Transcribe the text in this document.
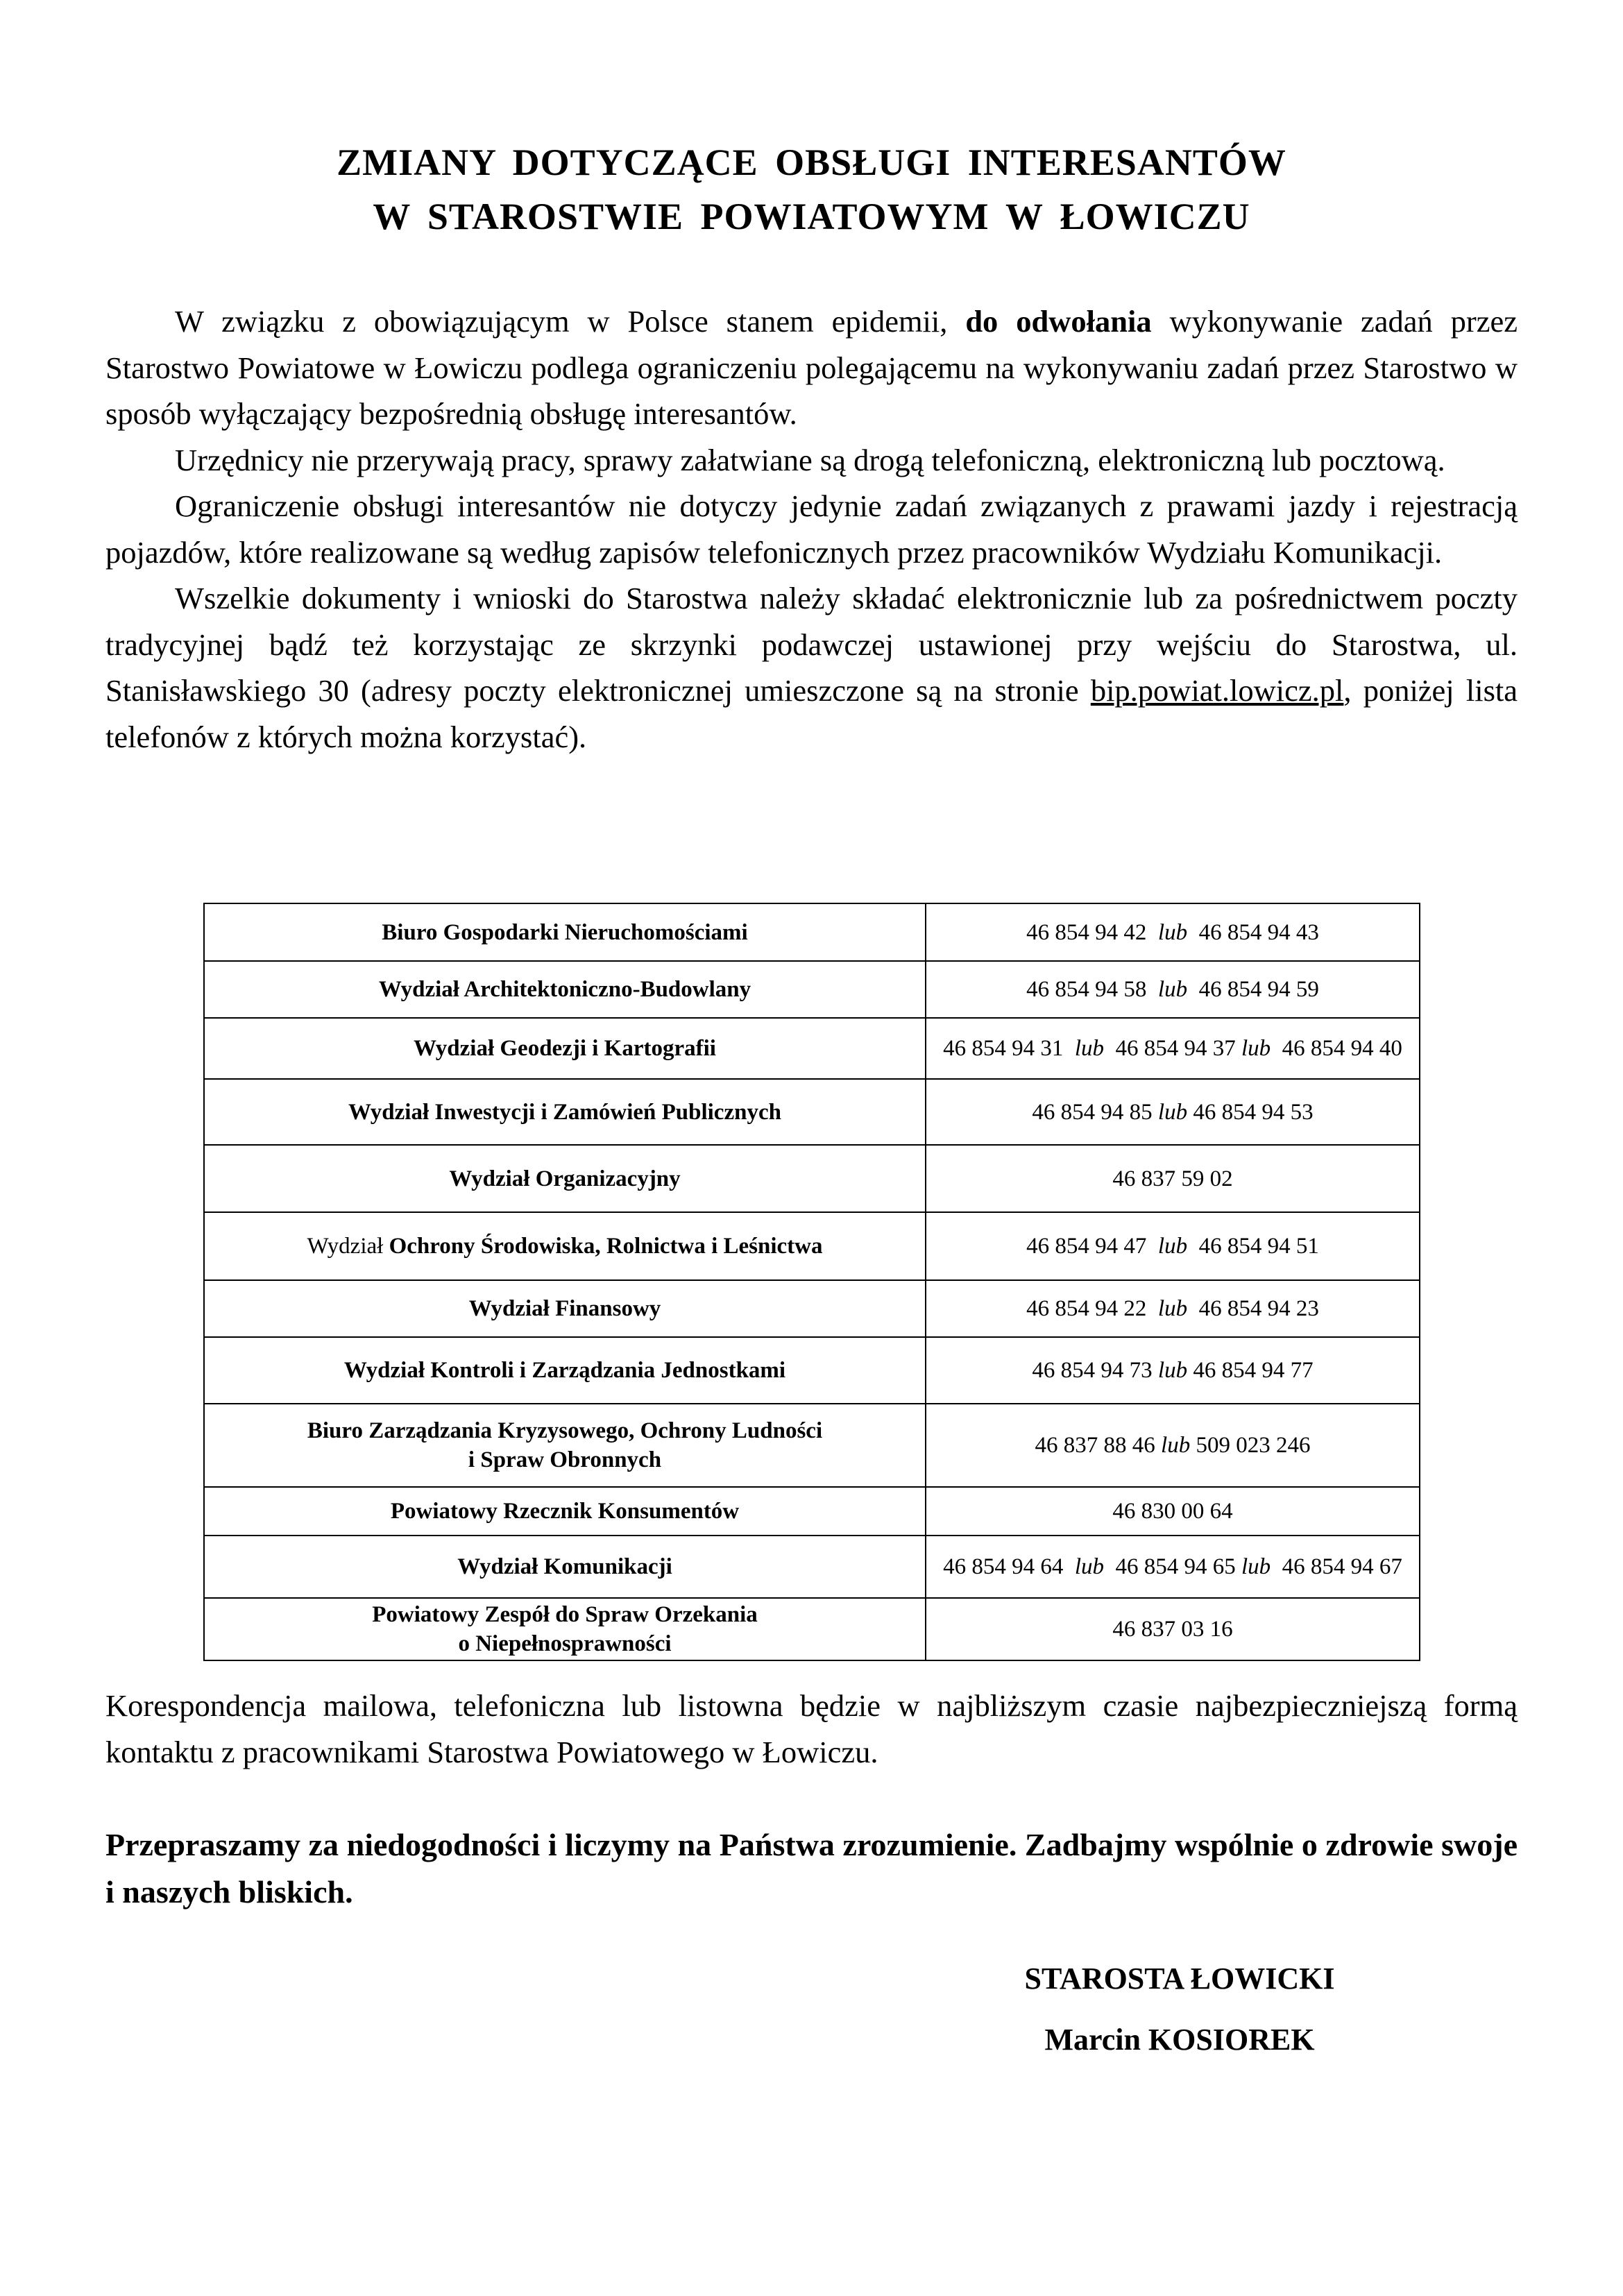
ZMIANY DOTYCZĄCE OBSŁUGI INTERESANTÓW
W STAROSTWIE POWIATOWYM W ŁOWICZU

W związku z obowiązującym w Polsce stanem epidemii, do odwołania wykonywanie zadań przez Starostwo Powiatowe w Łowiczu podlega ograniczeniu polegającemu na wykonywaniu zadań przez Starostwo w sposób wyłączający bezpośrednią obsługę interesantów.

Urzędnicy nie przerywają pracy, sprawy załatwiane są drogą telefoniczną, elektroniczną lub pocztową.

Ograniczenie obsługi interesantów nie dotyczy jedynie zadań związanych z prawami jazdy i rejestracją pojazdów, które realizowane są według zapisów telefonicznych przez pracowników Wydziału Komunikacji.

Wszelkie dokumenty i wnioski do Starostwa należy składać elektronicznie lub za pośrednictwem poczty tradycyjnej bądź też korzystając ze skrzynki podawczej ustawionej przy wejściu do Starostwa, ul. Stanisławskiego 30 (adresy poczty elektronicznej umieszczone są na stronie bip.powiat.lowicz.pl, poniżej lista telefonów z których można korzystać).

Biuro Gospodarki Nieruchomościami	46 854 94 42 lub 46 854 94 43
Wydział Architektoniczno-Budowlany	46 854 94 58 lub 46 854 94 59
Wydział Geodezji i Kartografii	46 854 94 31 lub 46 854 94 37 lub 46 854 94 40
Wydział Inwestycji i Zamówień Publicznych	46 854 94 85 lub 46 854 94 53
Wydział Organizacyjny	46 837 59 02
Wydział Ochrony Środowiska, Rolnictwa i Leśnictwa	46 854 94 47 lub 46 854 94 51
Wydział Finansowy	46 854 94 22 lub 46 854 94 23
Wydział Kontroli i Zarządzania Jednostkami	46 854 94 73 lub 46 854 94 77
Biuro Zarządzania Kryzysowego, Ochrony Ludności
i Spraw Obronnych	46 837 88 46 lub 509 023 246
Powiatowy Rzecznik Konsumentów	46 830 00 64
Wydział Komunikacji	46 854 94 64 lub 46 854 94 65 lub 46 854 94 67
Powiatowy Zespół do Spraw Orzekania
o Niepełnosprawności	46 837 03 16

Korespondencja mailowa, telefoniczna lub listowna będzie w najbliższym czasie najbezpieczniejszą formą kontaktu z pracownikami Starostwa Powiatowego w Łowiczu.

Przepraszamy za niedogodności i liczymy na Państwa zrozumienie. Zadbajmy wspólnie o zdrowie swoje i naszych bliskich.

STAROSTA ŁOWICKI
Marcin KOSIOREK
